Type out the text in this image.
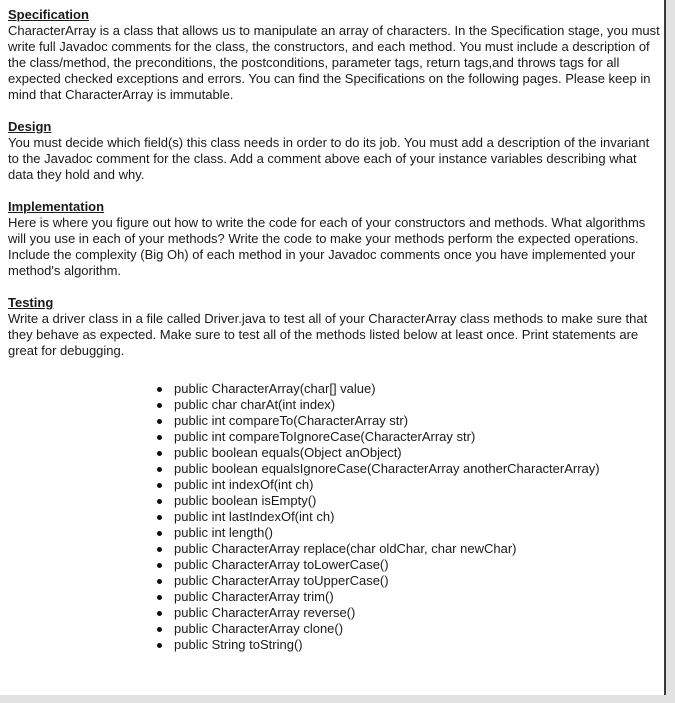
Specification

CharacterArray is a class that allows us to manipulate an array of characters. In the Specification stage, you must write full Javadoc comments for the class, the constructors, and each method. You must include a description of the class/method, the preconditions, the postconditions, parameter tags, return tags,and throws tags for all expected checked exceptions and errors. You can find the Specifications on the following pages. Please keep in mind that CharacterArray is immutable.

Design

You must decide which field(s) this class needs in order to do its job. You must add a description of the invariant to the Javadoc comment for the class. Add a comment above each of your instance variables describing what data they hold and why.

Implementation

Here is where you figure out how to write the code for each of your constructors and methods. What algorithms will you use in each of your methods? Write the code to make your methods perform the expected operations. Include the complexity (Big Oh) of each method in your Javadoc comments once you have implemented your method's algorithm.

Testing

Write a driver class in a file called Driver.java to test all of your CharacterArray class methods to make sure that they behave as expected. Make sure to test all of the methods listed below at least once. Print statements are great for debugging.

public CharacterArray(char[] value)
public char charAt(int index)
public int compareTo(CharacterArray str)
public int compareToIgnoreCase(CharacterArray str)
public boolean equals(Object anObject)
public boolean equalsIgnoreCase(CharacterArray anotherCharacterArray)
public int indexOf(int ch)
public boolean isEmpty()
public int lastIndexOf(int ch)
public int length()
public CharacterArray replace(char oldChar, char newChar)
public CharacterArray toLowerCase()
public CharacterArray toUpperCase()
public CharacterArray trim()
public CharacterArray reverse()
public CharacterArray clone()
public String toString()
